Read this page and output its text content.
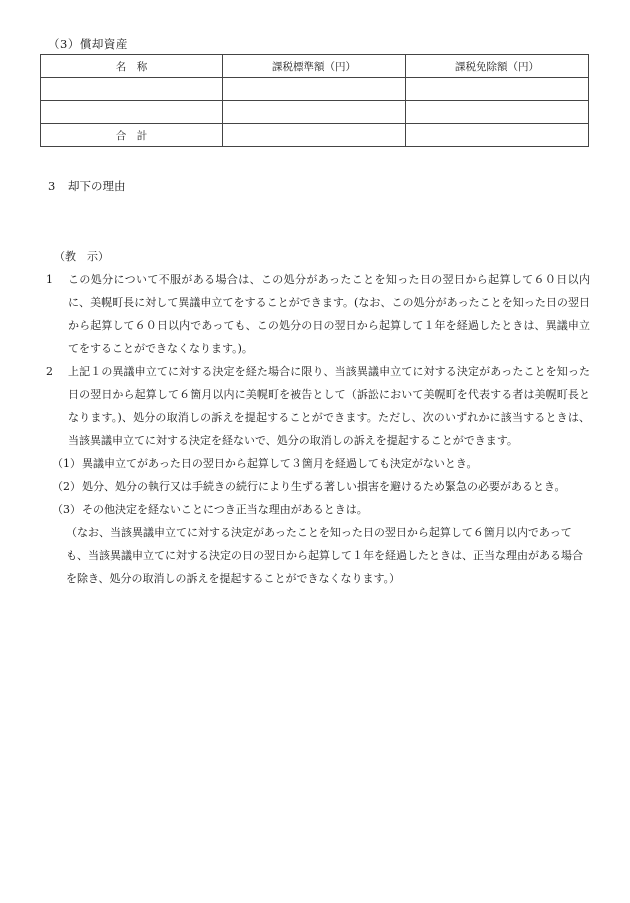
（3）償却資産
名　称	課税標準額（円）	課税免除額（円）

合　計		
3 却下の理由
（教　示）
1	この処分について不服がある場合は、この処分があったことを知った日の翌日から起算して６０日以内に、美幌町長に対して異議申立てをすることができます。(なお、この処分があったことを知った日の翌日から起算して６０日以内であっても、この処分の日の翌日から起算して１年を経過したときは、異議申立てをすることができなくなります。)。
2	上記１の異議申立てに対する決定を経た場合に限り、当該異議申立てに対する決定があったことを知った日の翌日から起算して６箇月以内に美幌町を被告として（訴訟において美幌町を代表する者は美幌町長となります。)、処分の取消しの訴えを提起することができます。ただし、次のいずれかに該当するときは、当該異議申立てに対する決定を経ないで、処分の取消しの訴えを提起することができます。
（1） 異議申立てがあった日の翌日から起算して３箇月を経過しても決定がないとき。
（2） 処分、処分の執行又は手続きの続行により生ずる著しい損害を避けるため緊急の必要があるとき。
（3） その他決定を経ないことにつき正当な理由があるときは。
（なお、当該異議申立てに対する決定があったことを知った日の翌日から起算して６箇月以内であっても、当該異議申立てに対する決定の日の翌日から起算して１年を経過したときは、正当な理由がある場合を除き、処分の取消しの訴えを提起することができなくなります。）
